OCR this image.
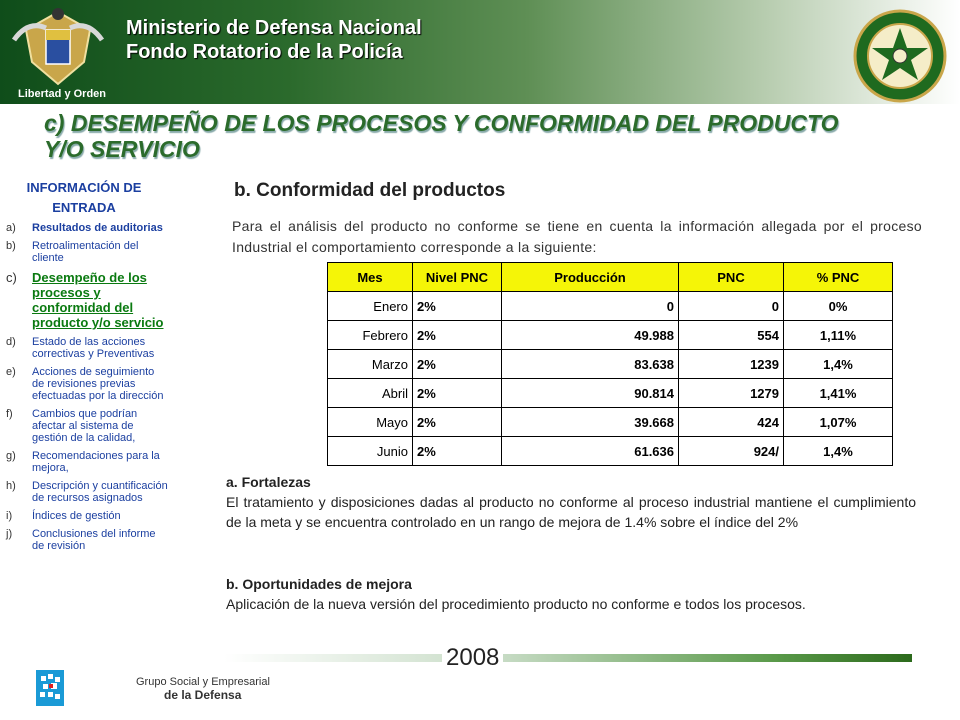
Libertad y Orden
Ministerio de Defensa Nacional
Fondo Rotatorio de la Policía
c) DESEMPEÑO DE LOS PROCESOS Y CONFORMIDAD DEL PRODUCTO Y/O SERVICIO
INFORMACIÓN DE ENTRADA
a)	Resultados de auditorias
b)	Retroalimentación del cliente
c)	Desempeño de los procesos y conformidad del producto y/o servicio
d)	Estado de las acciones correctivas y Preventivas
e)	Acciones de seguimiento de revisiones previas efectuadas por la dirección
f)	Cambios que podrían afectar al sistema de gestión de la calidad,
g)	Recomendaciones para la mejora,
h)	Descripción y cuantificación de recursos asignados
i)	Índices de gestión
j)	Conclusiones del informe de revisión
b. Conformidad del productos
Para el análisis del producto no conforme se tiene en cuenta la información allegada por el proceso Industrial el comportamiento corresponde a la siguiente:
Mes	Nivel PNC	Producción	PNC	% PNC
Enero	2%	0	0	0%
Febrero	2%	49.988	554	1,11%
Marzo	2%	83.638	1239	1,4%
Abril	2%	90.814	1279	1,41%
Mayo	2%	39.668	424	1,07%
Junio	2%	61.636	924/	1,4%
a. Fortalezas
El tratamiento y disposiciones dadas al producto no conforme al proceso industrial mantiene el cumplimiento de la meta y se encuentra controlado en un rango de mejora de 1.4% sobre el índice del 2%
b. Oportunidades de mejora
Aplicación de la nueva versión del procedimiento producto no conforme e todos los procesos.
2008
Grupo Social y Empresarial
de la Defensa
